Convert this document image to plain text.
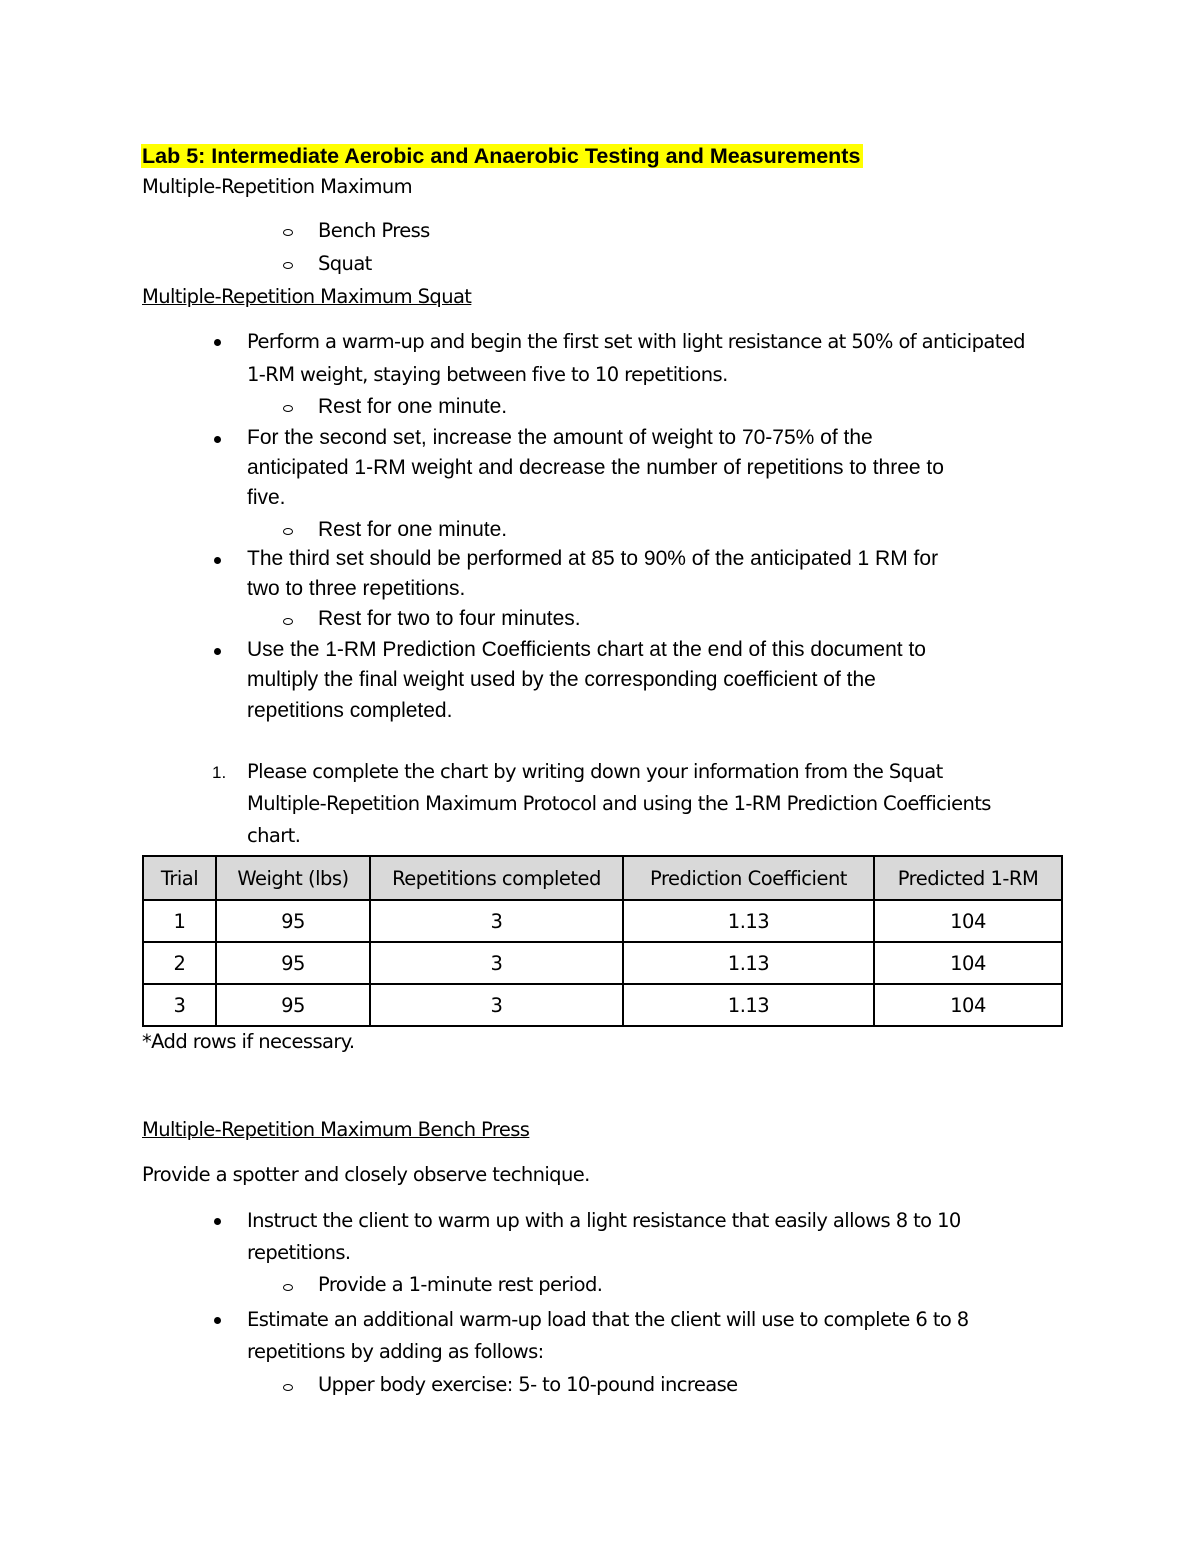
Lab 5: Intermediate Aerobic and Anaerobic Testing and Measurements
Multiple-Repetition Maximum
Bench Press
Squat
Multiple-Repetition Maximum Squat
Perform a warm-up and begin the first set with light resistance at 50% of anticipated
1-RM weight, staying between five to 10 repetitions.
Rest for one minute.
For the second set, increase the amount of weight to 70-75% of the
anticipated 1-RM weight and decrease the number of repetitions to three to
five.
Rest for one minute.
The third set should be performed at 85 to 90% of the anticipated 1 RM for
two to three repetitions.
Rest for two to four minutes.
Use the 1-RM Prediction Coefficients chart at the end of this document to
multiply the final weight used by the corresponding coefficient of the
repetitions completed.
1. Please complete the chart by writing down your information from the Squat
Multiple-Repetition Maximum Protocol and using the 1-RM Prediction Coefficients
chart.
Trial	Weight (lbs)	Repetitions completed	Prediction Coefficient	Predicted 1-RM
1	95	3	1.13	104
2	95	3	1.13	104
3	95	3	1.13	104
*Add rows if necessary.
Multiple-Repetition Maximum Bench Press
Provide a spotter and closely observe technique.
Instruct the client to warm up with a light resistance that easily allows 8 to 10
repetitions.
Provide a 1-minute rest period.
Estimate an additional warm-up load that the client will use to complete 6 to 8
repetitions by adding as follows:
Upper body exercise: 5- to 10-pound increase
